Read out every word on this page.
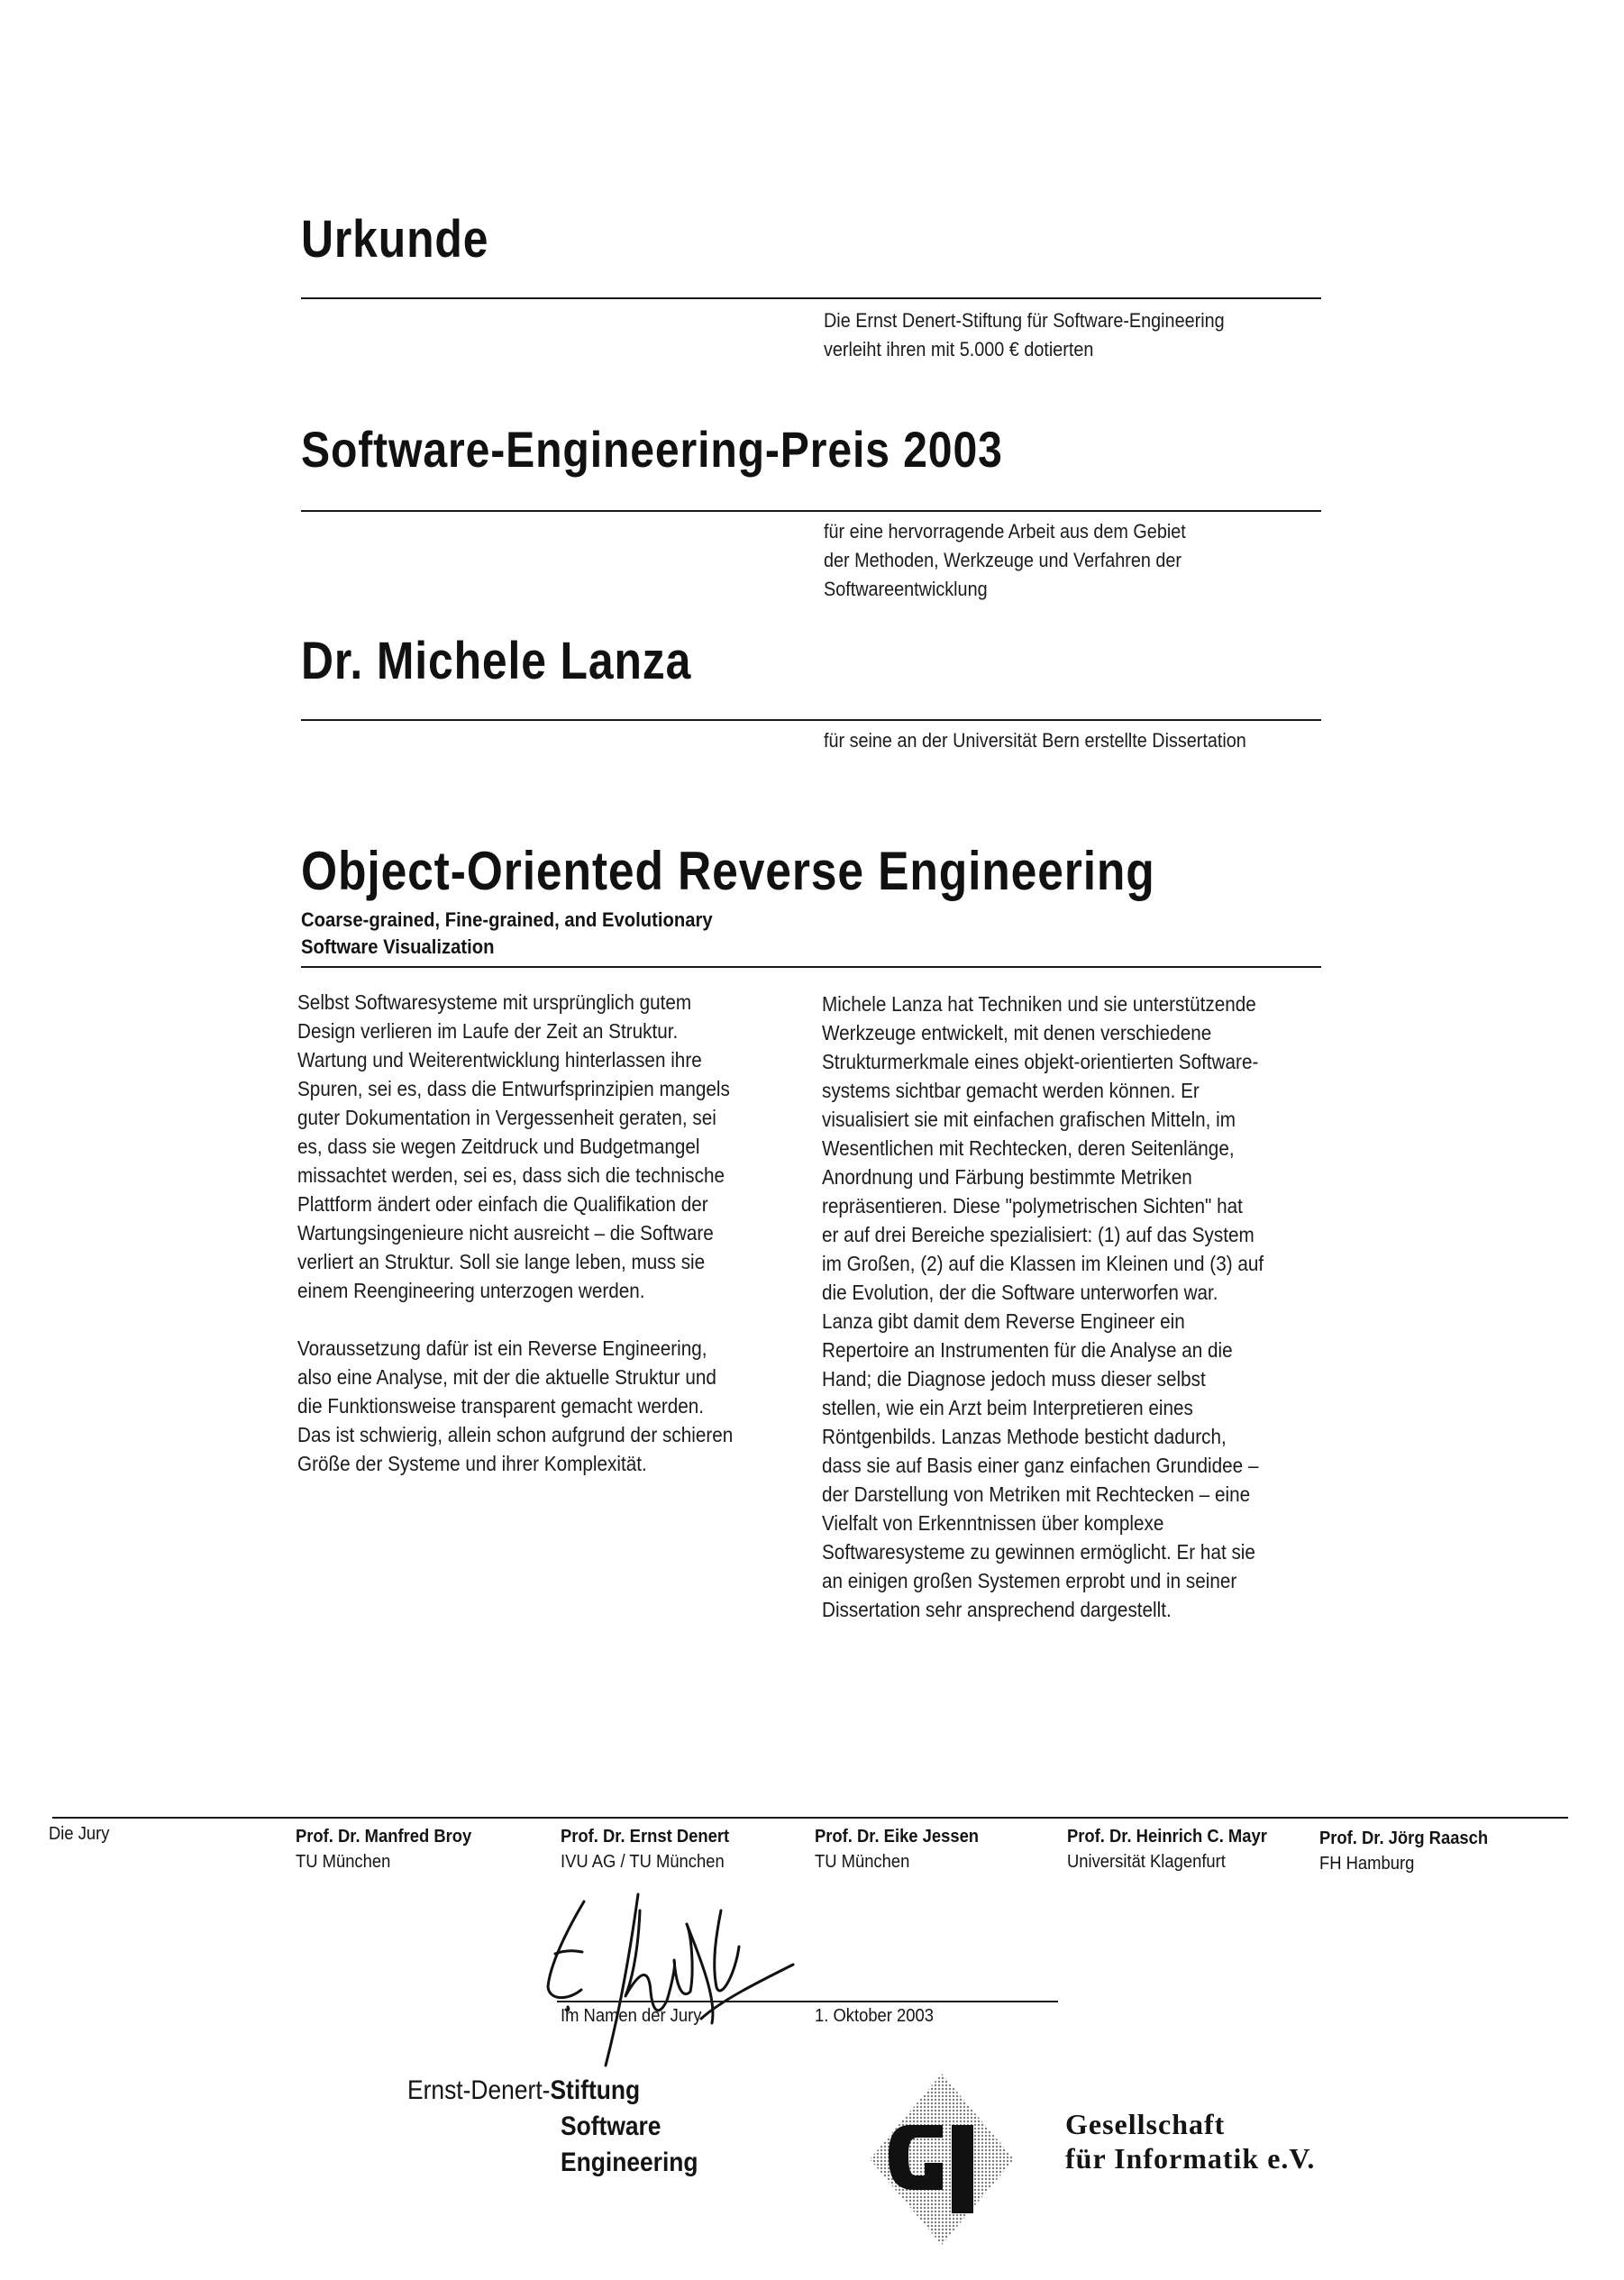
Urkunde
Die Ernst Denert-Stiftung für Software-Engineering
verleiht ihren mit 5.000 € dotierten
Software-Engineering-Preis 2003
für eine hervorragende Arbeit aus dem Gebiet
der Methoden, Werkzeuge und Verfahren der
Softwareentwicklung
Dr. Michele Lanza
für seine an der Universität Bern erstellte Dissertation
Object-Oriented Reverse Engineering
Coarse-grained, Fine-grained, and Evolutionary
Software Visualization
Selbst Softwaresysteme mit ursprünglich gutem
Design verlieren im Laufe der Zeit an Struktur.
Wartung und Weiterentwicklung hinterlassen ihre
Spuren, sei es, dass die Entwurfsprinzipien mangels
guter Dokumentation in Vergessenheit geraten, sei
es, dass sie wegen Zeitdruck und Budgetmangel
missachtet werden, sei es, dass sich die technische
Plattform ändert oder einfach die Qualifikation der
Wartungsingenieure nicht ausreicht – die Software
verliert an Struktur. Soll sie lange leben, muss sie
einem Reengineering unterzogen werden.
Voraussetzung dafür ist ein Reverse Engineering,
also eine Analyse, mit der die aktuelle Struktur und
die Funktionsweise transparent gemacht werden.
Das ist schwierig, allein schon aufgrund der schieren
Größe der Systeme und ihrer Komplexität.
Michele Lanza hat Techniken und sie unterstützende
Werkzeuge entwickelt, mit denen verschiedene
Strukturmerkmale eines objekt-orientierten Software-
systems sichtbar gemacht werden können. Er
visualisiert sie mit einfachen grafischen Mitteln, im
Wesentlichen mit Rechtecken, deren Seitenlänge,
Anordnung und Färbung bestimmte Metriken
repräsentieren. Diese "polymetrischen Sichten" hat
er auf drei Bereiche spezialisiert: (1) auf das System
im Großen, (2) auf die Klassen im Kleinen und (3) auf
die Evolution, der die Software unterworfen war.
Lanza gibt damit dem Reverse Engineer ein
Repertoire an Instrumenten für die Analyse an die
Hand; die Diagnose jedoch muss dieser selbst
stellen, wie ein Arzt beim Interpretieren eines
Röntgenbilds. Lanzas Methode besticht dadurch,
dass sie auf Basis einer ganz einfachen Grundidee –
der Darstellung von Metriken mit Rechtecken – eine
Vielfalt von Erkenntnissen über komplexe
Softwaresysteme zu gewinnen ermöglicht. Er hat sie
an einigen großen Systemen erprobt und in seiner
Dissertation sehr ansprechend dargestellt.
Die Jury	Prof. Dr. Manfred Broy
TU München
Prof. Dr. Ernst Denert
IVU AG / TU München
Prof. Dr. Eike Jessen
TU München
Prof. Dr. Heinrich C. Mayr
Universität Klagenfurt
Prof. Dr. Jörg Raasch
FH Hamburg
Im Namen der Jury	1. Oktober 2003
Ernst-Denert-Stiftung
Software
Engineering
Gesellschaft
für Informatik e.V.
